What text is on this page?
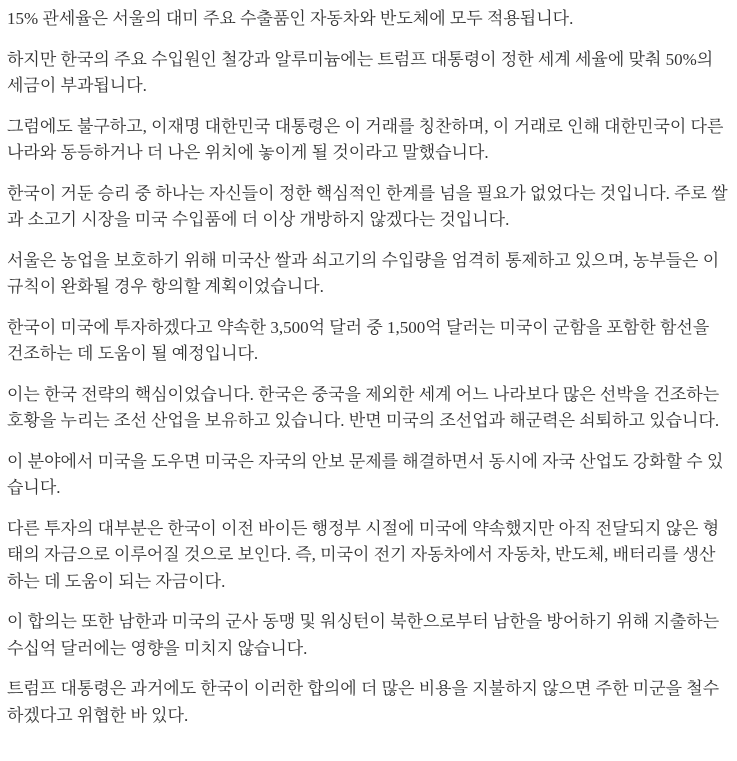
15% 관세율은 서울의 대미 주요 수출품인 자동차와 반도체에 모두 적용됩니다.

하지만 한국의 주요 수입원인 철강과 알루미늄에는 트럼프 대통령이 정한 세계 세율에 맞춰 50%의 세금이 부과됩니다.

그럼에도 불구하고, 이재명 대한민국 대통령은 이 거래를 칭찬하며, 이 거래로 인해 대한민국이 다른 나라와 동등하거나 더 나은 위치에 놓이게 될 것이라고 말했습니다.

한국이 거둔 승리 중 하나는 자신들이 정한 핵심적인 한계를 넘을 필요가 없었다는 것입니다. 주로 쌀과 소고기 시장을 미국 수입품에 더 이상 개방하지 않겠다는 것입니다.

서울은 농업을 보호하기 위해 미국산 쌀과 쇠고기의 수입량을 엄격히 통제하고 있으며, 농부들은 이 규칙이 완화될 경우 항의할 계획이었습니다.

한국이 미국에 투자하겠다고 약속한 3,500억 달러 중 1,500억 달러는 미국이 군함을 포함한 함선을 건조하는 데 도움이 될 예정입니다.

이는 한국 전략의 핵심이었습니다. 한국은 중국을 제외한 세계 어느 나라보다 많은 선박을 건조하는 호황을 누리는 조선 산업을 보유하고 있습니다. 반면 미국의 조선업과 해군력은 쇠퇴하고 있습니다.

이 분야에서 미국을 도우면 미국은 자국의 안보 문제를 해결하면서 동시에 자국 산업도 강화할 수 있습니다.

다른 투자의 대부분은 한국이 이전 바이든 행정부 시절에 미국에 약속했지만 아직 전달되지 않은 형태의 자금으로 이루어질 것으로 보인다. 즉, 미국이 전기 자동차에서 자동차, 반도체, 배터리를 생산하는 데 도움이 되는 자금이다.

이 합의는 또한 남한과 미국의 군사 동맹 및 워싱턴이 북한으로부터 남한을 방어하기 위해 지출하는 수십억 달러에는 영향을 미치지 않습니다.

트럼프 대통령은 과거에도 한국이 이러한 합의에 더 많은 비용을 지불하지 않으면 주한 미군을 철수하겠다고 위협한 바 있다.
